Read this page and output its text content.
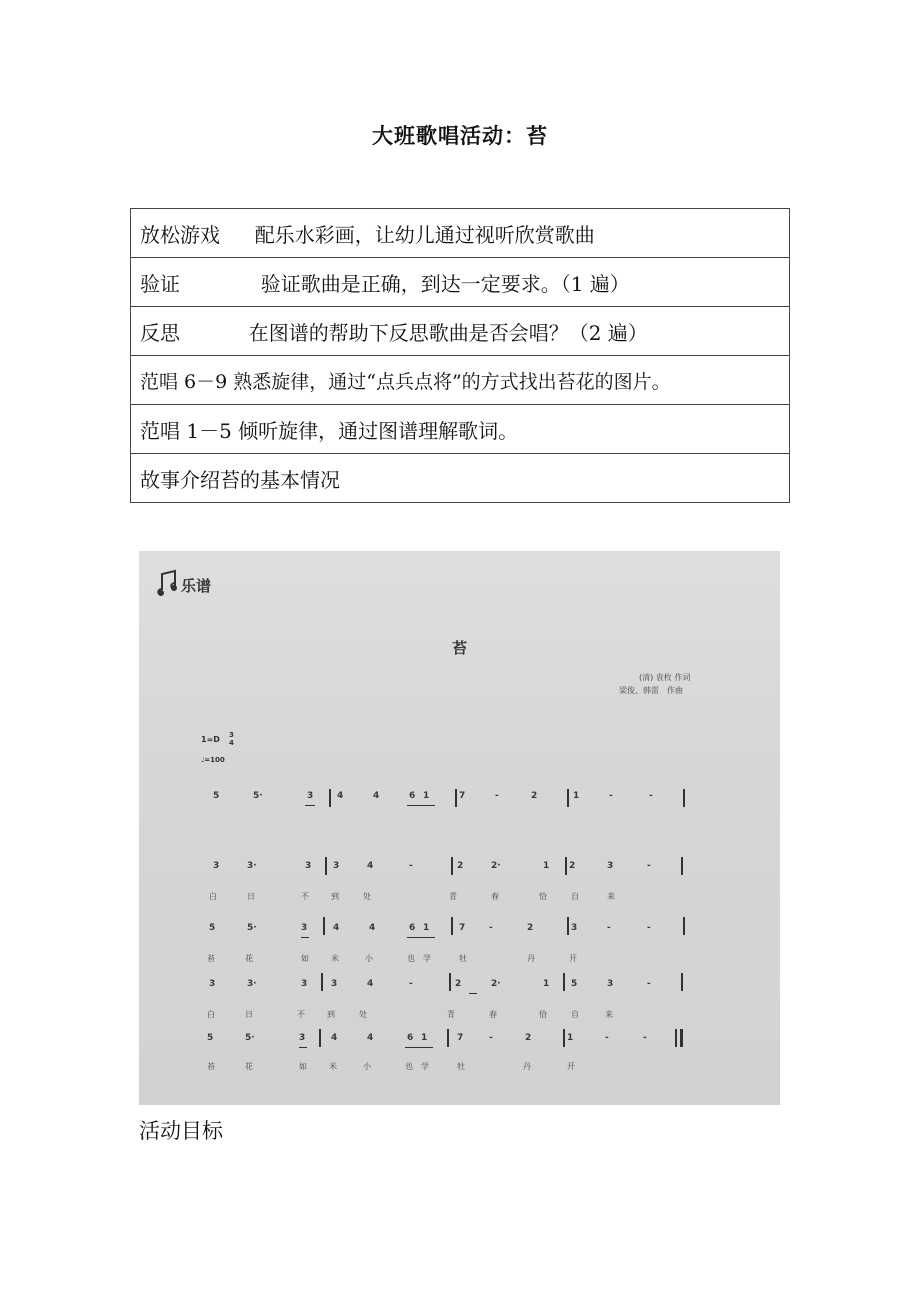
大班歌唱活动：苔
放松游戏 配乐水彩画，让幼儿通过视听欣赏歌曲
验证	验证歌曲是正确，到达一定要求。（1 遍）
反思	在图谱的帮助下反思歌曲是否会唱？（2 遍）
范唱 6－9 熟悉旋律，通过“点兵点将”的方式找出苔花的图片。
范唱 1－5 倾听旋律，通过图谱理解歌词。
故事介绍苔的基本情况
乐谱
苔
(清) 袁枚 作词
梁俊、韩雷　作曲
1=D 3
4
♩=100
5	5·	3	4	4	6 1	7	-	2	1	-	-
3	3·	3 3	4	-	2	2·	1 2	3	-
白	日	不	到	处	青	春	恰	自	来
5	5·	3	4	4	6 1	7	-	2	3	-	-
苔	花	如	米	小	也 学	牡	丹	开
3	3·	3	3	4	-	2	2·	1 5	3	-
白	日	不	到	处	青	春	恰	自	来
5	5·	3	4	4	6 1	7	-	2	1	-	-
苔	花	如	米	小	也 学	牡	丹	开
活动目标
